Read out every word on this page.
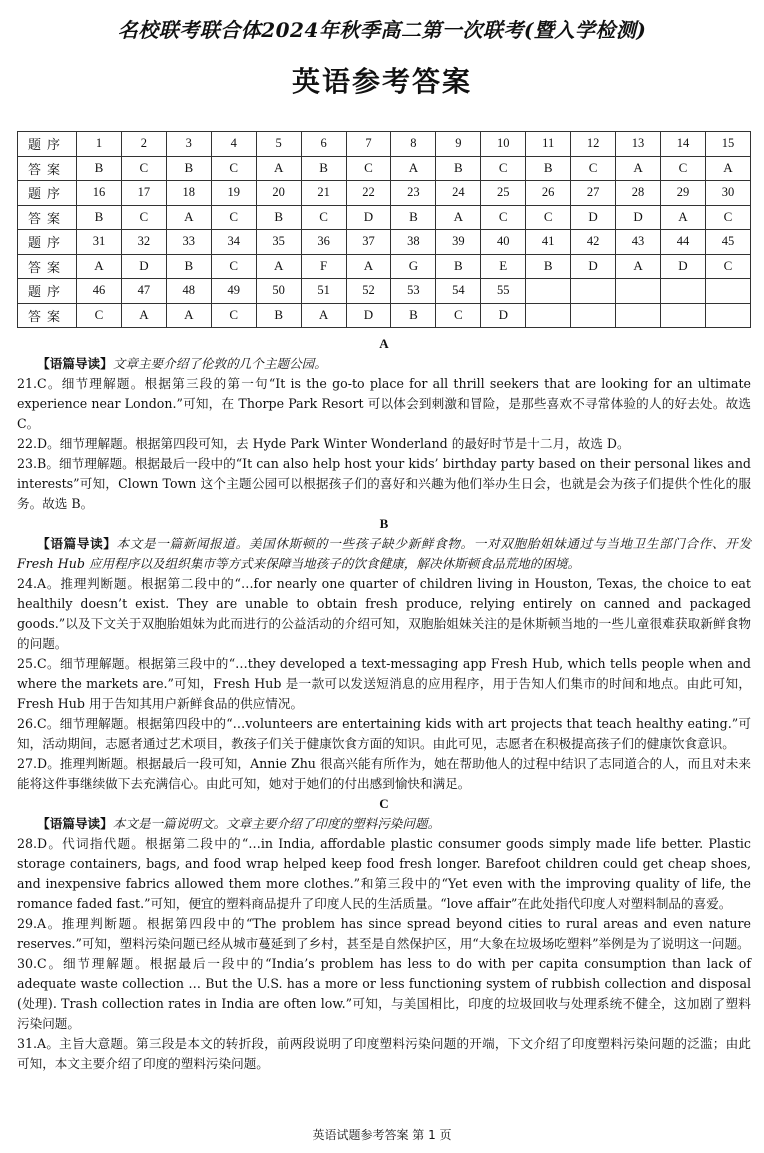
名校联考联合体2024年秋季高二第一次联考(暨入学检测)
英语参考答案
题序	1	2	3	4	5	6	7	8	9	10	11	12	13	14	15
答案	B	C	B	C	A	B	C	A	B	C	B	C	A	C	A
题序	16	17	18	19	20	21	22	23	24	25	26	27	28	29	30
答案	B	C	A	C	B	C	D	B	A	C	C	D	D	A	C
题序	31	32	33	34	35	36	37	38	39	40	41	42	43	44	45
答案	A	D	B	C	A	F	A	G	B	E	B	D	A	D	C
题序	46	47	48	49	50	51	52	53	54	55					
答案	C	A	A	C	B	A	D	B	C	D					

A

【语篇导读】文章主要介绍了伦敦的几个主题公园。

21.C。细节理解题。根据第三段的第一句“It is the go-to place for all thrill seekers that are looking for an ultimate experience near London.”可知，在 Thorpe Park Resort 可以体会到刺激和冒险，是那些喜欢不寻常体验的人的好去处。故选 C。

22.D。细节理解题。根据第四段可知，去 Hyde Park Winter Wonderland 的最好时节是十二月，故选 D。

23.B。细节理解题。根据最后一段中的“It can also help host your kids’ birthday party based on their personal likes and interests”可知，Clown Town 这个主题公园可以根据孩子们的喜好和兴趣为他们举办生日会，也就是会为孩子们提供个性化的服务。故选 B。

B

【语篇导读】本文是一篇新闻报道。美国休斯顿的一些孩子缺少新鲜食物。一对双胞胎姐妹通过与当地卫生部门合作、开发 Fresh Hub 应用程序以及组织集市等方式来保障当地孩子的饮食健康，解决休斯顿食品荒地的困境。

24.A。推理判断题。根据第二段中的“…for nearly one quarter of children living in Houston, Texas, the choice to eat healthily doesn’t exist. They are unable to obtain fresh produce, relying entirely on canned and packaged goods.”以及下文关于双胞胎姐妹为此而进行的公益活动的介绍可知，双胞胎姐妹关注的是休斯顿当地的一些儿童很难获取新鲜食物的问题。

25.C。细节理解题。根据第三段中的“…they developed a text-messaging app Fresh Hub, which tells people when and where the markets are.”可知，Fresh Hub 是一款可以发送短消息的应用程序，用于告知人们集市的时间和地点。由此可知，Fresh Hub 用于告知其用户新鲜食品的供应情况。

26.C。细节理解题。根据第四段中的“…volunteers are entertaining kids with art projects that teach healthy eating.”可知，活动期间，志愿者通过艺术项目，教孩子们关于健康饮食方面的知识。由此可见，志愿者在积极提高孩子们的健康饮食意识。

27.D。推理判断题。根据最后一段可知，Annie Zhu 很高兴能有所作为，她在帮助他人的过程中结识了志同道合的人，而且对未来能将这件事继续做下去充满信心。由此可知，她对于她们的付出感到愉快和满足。

C

【语篇导读】本文是一篇说明文。文章主要介绍了印度的塑料污染问题。

28.D。代词指代题。根据第二段中的“…in India, affordable plastic consumer goods simply made life better. Plastic storage containers, bags, and food wrap helped keep food fresh longer. Barefoot children could get cheap shoes, and inexpensive fabrics allowed them more clothes.”和第三段中的“Yet even with the improving quality of life, the romance faded fast.”可知，便宜的塑料商品提升了印度人民的生活质量。“love affair”在此处指代印度人对塑料制品的喜爱。

29.A。推理判断题。根据第四段中的“The problem has since spread beyond cities to rural areas and even nature reserves.”可知，塑料污染问题已经从城市蔓延到了乡村，甚至是自然保护区，用“大象在垃圾场吃塑料”举例是为了说明这一问题。

30.C。细节理解题。根据最后一段中的“India’s problem has less to do with per capita consumption than lack of adequate waste collection … But the U.S. has a more or less functioning system of rubbish collection and disposal (处理). Trash collection rates in India are often low.”可知，与美国相比，印度的垃圾回收与处理系统不健全，这加剧了塑料污染问题。

31.A。主旨大意题。第三段是本文的转折段，前两段说明了印度塑料污染问题的开端，下文介绍了印度塑料污染问题的泛滥；由此可知，本文主要介绍了印度的塑料污染问题。

英语试题参考答案 第 1 页
